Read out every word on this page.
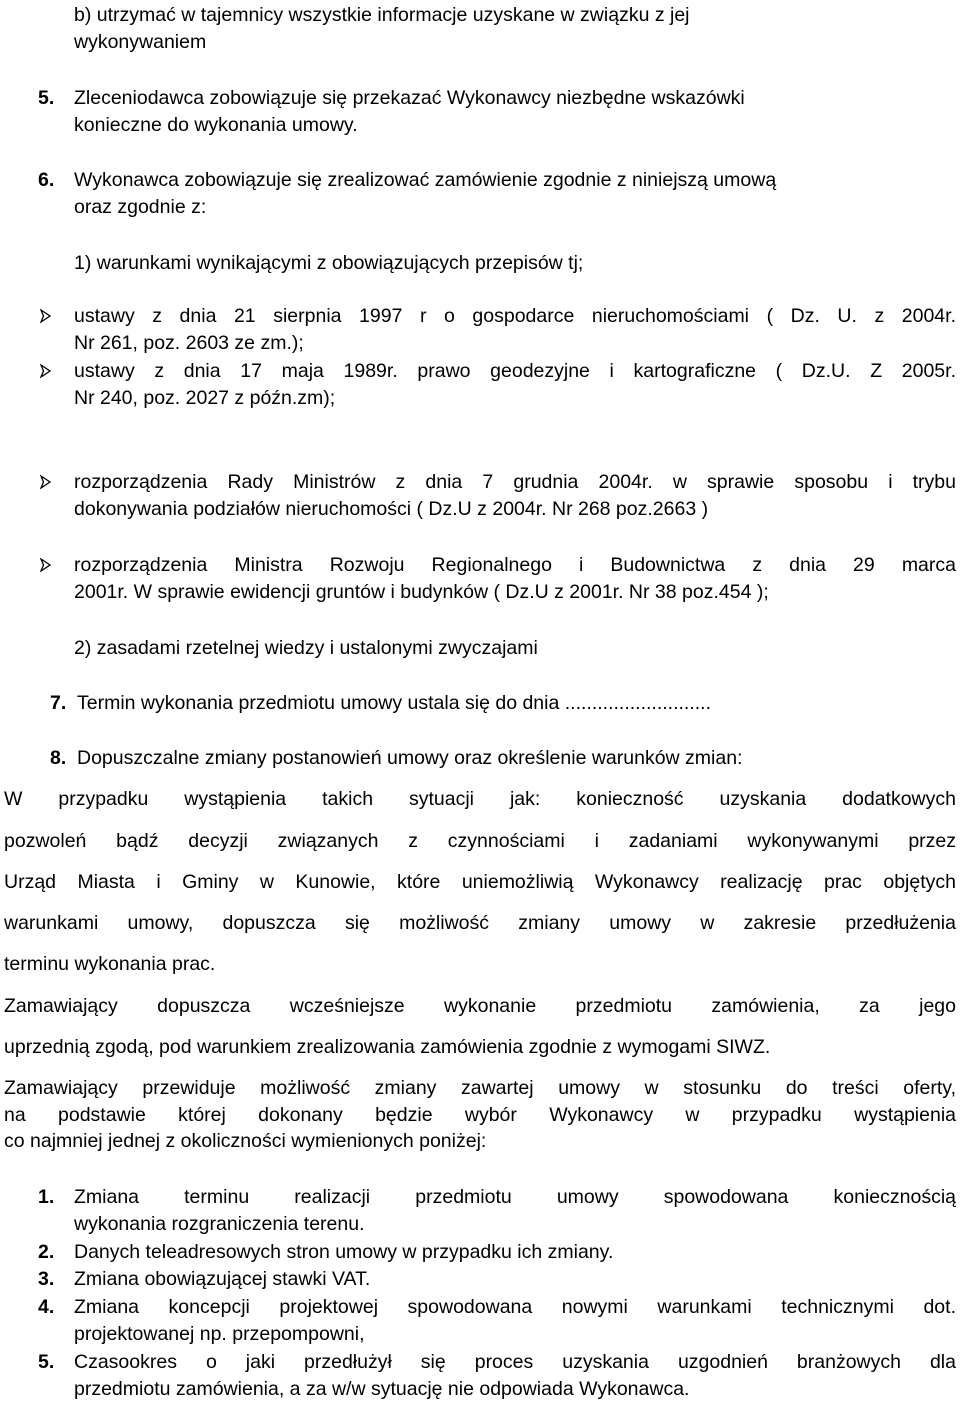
b) utrzymać w tajemnicy wszystkie informacje uzyskane w związku z jej
wykonywaniem
5. Zleceniodawca zobowiązuje się przekazać Wykonawcy niezbędne wskazówki
konieczne do wykonania umowy.
6. Wykonawca zobowiązuje się zrealizować zamówienie zgodnie z niniejszą umową
oraz zgodnie z:
1) warunkami wynikającymi z obowiązujących przepisów tj;
ustawy z dnia 21 sierpnia 1997 r o gospodarce nieruchomościami ( Dz. U. z 2004r.
Nr 261, poz. 2603 ze zm.);
ustawy z dnia 17 maja 1989r. prawo geodezyjne i kartograficzne ( Dz.U. Z 2005r.
Nr 240, poz. 2027 z późn.zm);
rozporządzenia Rady Ministrów z dnia 7 grudnia 2004r. w sprawie sposobu i trybu
dokonywania podziałów nieruchomości ( Dz.U z 2004r. Nr 268 poz.2663 )
rozporządzenia Ministra Rozwoju Regionalnego i Budownictwa z dnia 29 marca
2001r. W sprawie ewidencji gruntów i budynków ( Dz.U z 2001r. Nr 38 poz.454 );
2) zasadami rzetelnej wiedzy i ustalonymi zwyczajami
7. Termin wykonania przedmiotu umowy ustala się do dnia ...........................
8. Dopuszczalne zmiany postanowień umowy oraz określenie warunków zmian:
W przypadku wystąpienia takich sytuacji jak: konieczność uzyskania dodatkowych
pozwoleń bądź decyzji związanych z czynnościami i zadaniami wykonywanymi przez
Urząd Miasta i Gminy w Kunowie, które uniemożliwią Wykonawcy realizację prac objętych
warunkami umowy, dopuszcza się możliwość zmiany umowy w zakresie przedłużenia
terminu wykonania prac.
Zamawiający dopuszcza wcześniejsze wykonanie przedmiotu zamówienia, za jego
uprzednią zgodą, pod warunkiem zrealizowania zamówienia zgodnie z wymogami SIWZ.
Zamawiający przewiduje możliwość zmiany zawartej umowy w stosunku do treści oferty,
na podstawie której dokonany będzie wybór Wykonawcy w przypadku wystąpienia
co najmniej jednej z okoliczności wymienionych poniżej:
1. Zmiana terminu realizacji przedmiotu umowy spowodowana koniecznością
wykonania rozgraniczenia terenu.
2. Danych teleadresowych stron umowy w przypadku ich zmiany.
3. Zmiana obowiązującej stawki VAT.
4. Zmiana koncepcji projektowej spowodowana nowymi warunkami technicznymi dot.
projektowanej np. przepompowni,
5. Czasookres o jaki przedłużył się proces uzyskania uzgodnień branżowych dla
przedmiotu zamówienia, a za w/w sytuację nie odpowiada Wykonawca.
